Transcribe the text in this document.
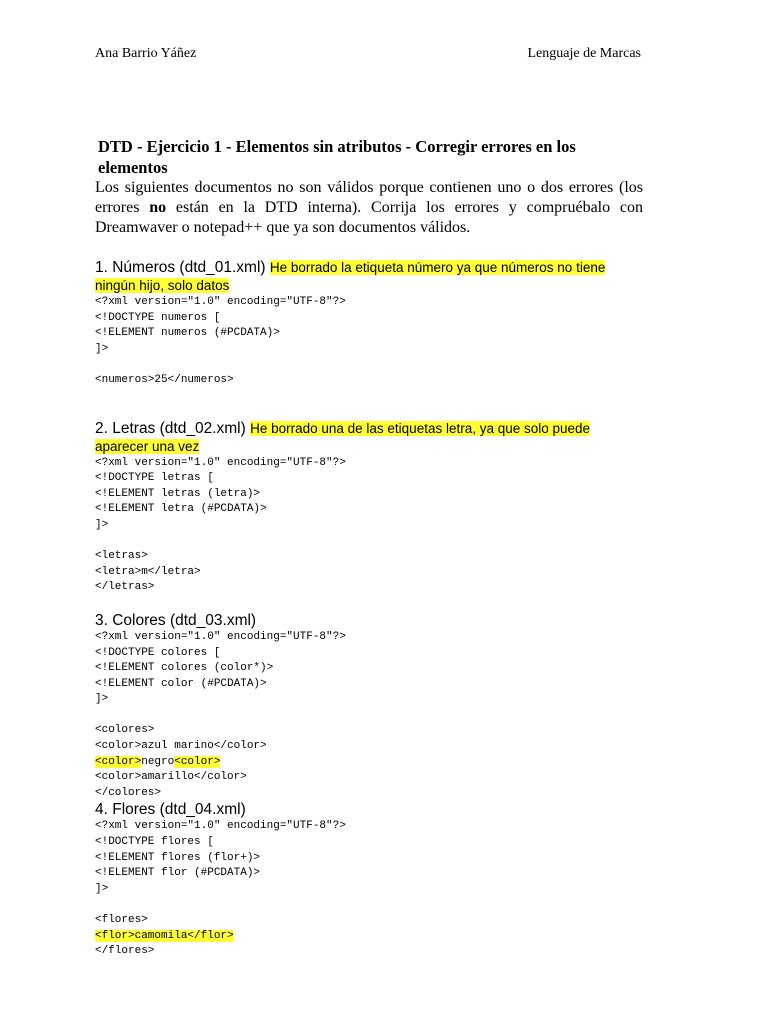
Ana Barrio Yáñez	Lenguaje de Marcas

DTD - Ejercicio 1 - Elementos sin atributos - Corregir errores en los elementos

Los siguientes documentos no son válidos porque contienen uno o dos errores (los errores no están en la DTD interna). Corrija los errores y compruébalo con Dreamwaver o notepad++ que ya son documentos válidos.

1. Números (dtd_01.xml) He borrado la etiqueta número ya que números no tiene ningún hijo, solo datos

<?xml version="1.0" encoding="UTF-8"?>

<!DOCTYPE numeros [

<!ELEMENT numeros (#PCDATA)>

]>

<numeros>25</numeros>

2. Letras (dtd_02.xml) He borrado una de las etiquetas letra, ya que solo puede aparecer una vez

<?xml version="1.0" encoding="UTF-8"?>

<!DOCTYPE letras [

<!ELEMENT letras (letra)>

<!ELEMENT letra (#PCDATA)>

]>

<letras>

<letra>m</letra>

</letras>

3. Colores (dtd_03.xml)

<?xml version="1.0" encoding="UTF-8"?>

<!DOCTYPE colores [

<!ELEMENT colores (color*)>

<!ELEMENT color (#PCDATA)>

]>

<colores>

<color>azul marino</color>

<color>negro<color>

<color>amarillo</color>

</colores>

4. Flores (dtd_04.xml)

<?xml version="1.0" encoding="UTF-8"?>

<!DOCTYPE flores [

<!ELEMENT flores (flor+)>

<!ELEMENT flor (#PCDATA)>

]>

<flores>

<flor>camomila</flor>

</flores>
